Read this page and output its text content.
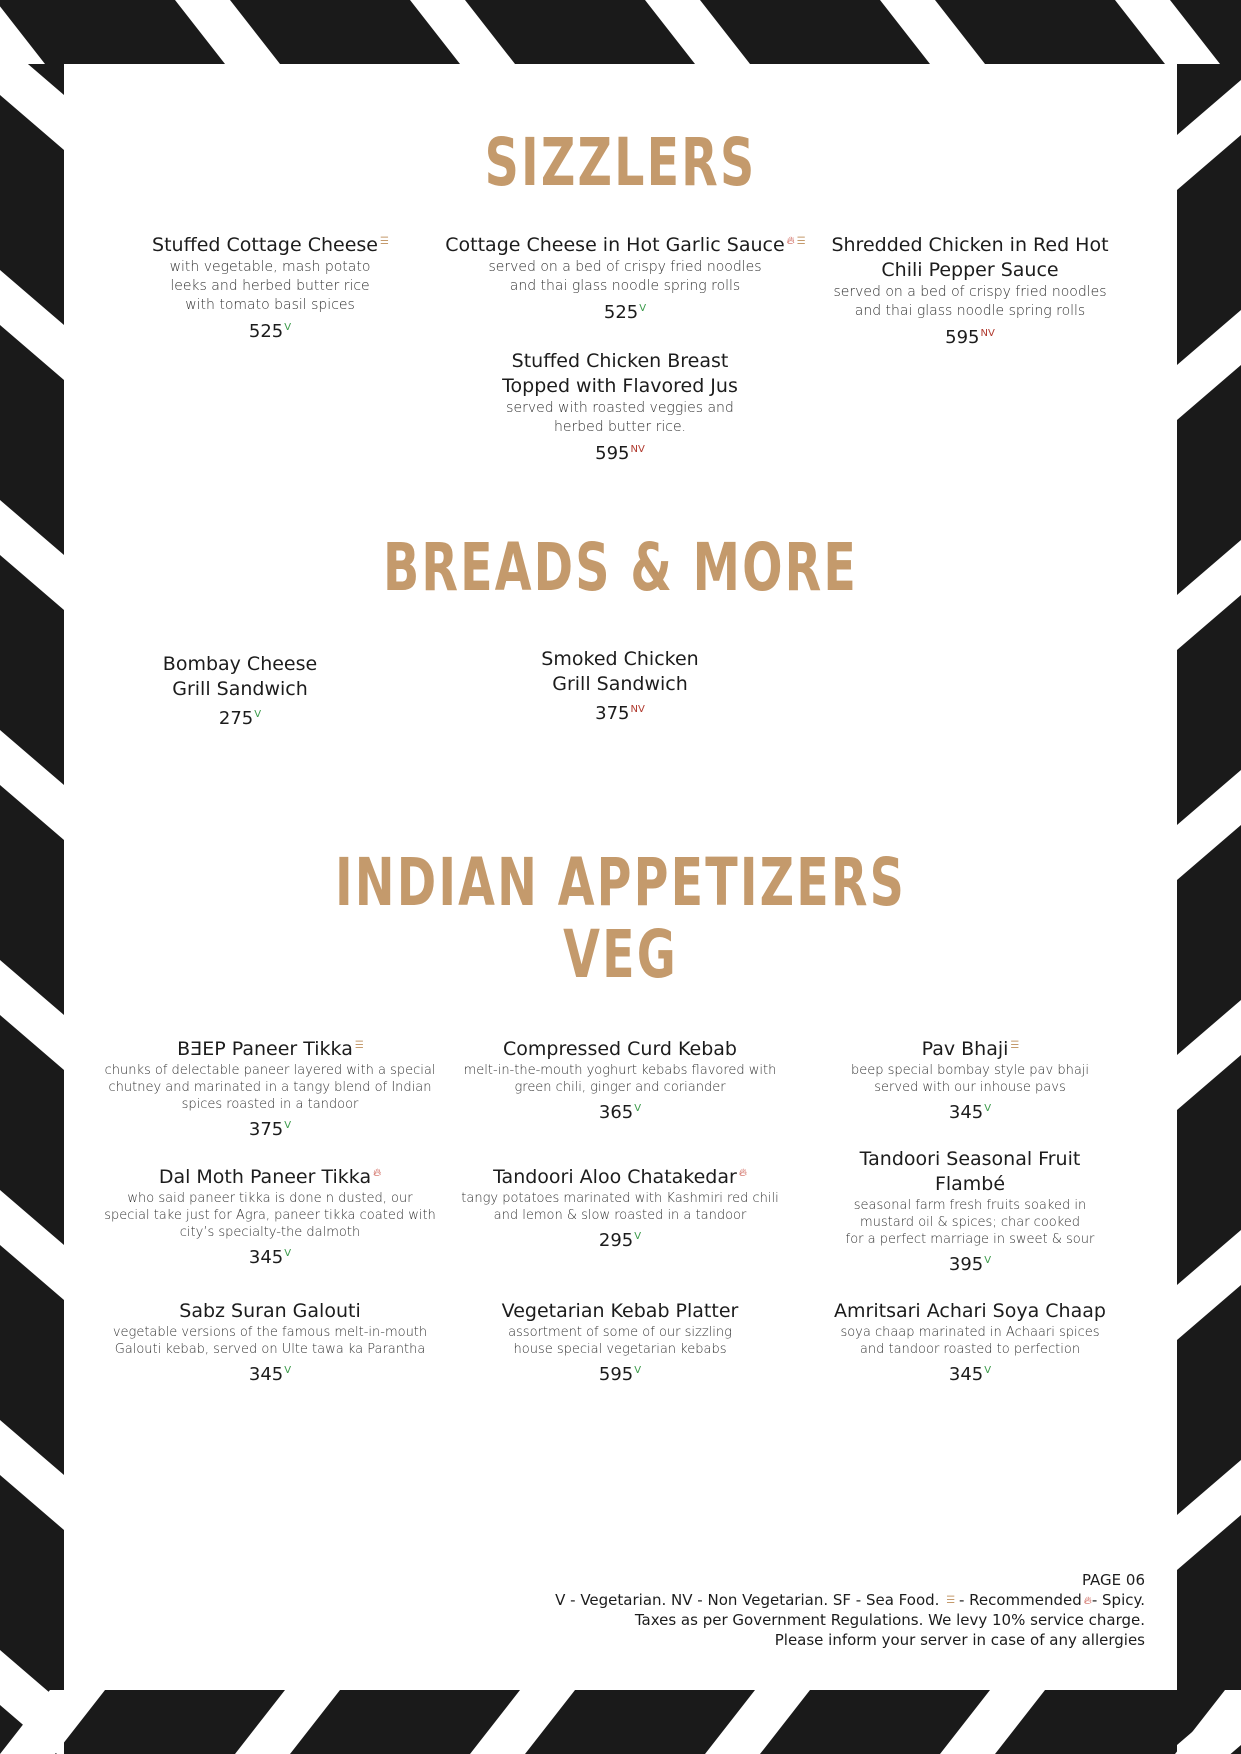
SIZZLERS
BREADS & MORE
INDIAN APPETIZERS
VEG
Stuffed Cottage Cheese ☰
with vegetable, mash potato
leeks and herbed butter rice
with tomato basil spices
$525^V$
Cottage Cheese in Hot Garlic Sauce 🔥︎ ☰
served on a bed of crispy fried noodles
and thai glass noodle spring rolls
$525^V$
Shredded Chicken in Red Hot
Chili Pepper Sauce
served on a bed of crispy fried noodles
and thai glass noodle spring rolls
$595^{NV}$
Stuffed Chicken Breast
Topped with Flavored Jus
served with roasted veggies and
herbed butter rice.
$595^{NV}$
Bombay Cheese
Grill Sandwich
$275^V$
Smoked Chicken
Grill Sandwich
$375^{NV}$
BƎEP Paneer Tikka ☰
chunks of delectable paneer layered with a special
chutney and marinated in a tangy blend of Indian
spices roasted in a tandoor
$375^V$
Compressed Curd Kebab
melt-in-the-mouth yoghurt kebabs flavored with
green chili, ginger and coriander
$365^V$
Pav Bhaji ☰
beep special bombay style pav bhaji
served with our inhouse pavs
$345^V$
Dal Moth Paneer Tikka 🔥︎
who said paneer tikka is done n dusted, our
special take just for Agra, paneer tikka coated with
city’s specialty-the dalmoth
$345^V$
Tandoori Aloo Chatakedar 🔥︎
tangy potatoes marinated with Kashmiri red chili
and lemon & slow roasted in a tandoor
$295^V$
Tandoori Seasonal Fruit
Flambé
seasonal farm fresh fruits soaked in
mustard oil & spices; char cooked
for a perfect marriage in sweet & sour
$395^V$
Sabz Suran Galouti
vegetable versions of the famous melt-in-mouth
Galouti kebab, served on Ulte tawa ka Parantha
$345^V$
Vegetarian Kebab Platter
assortment of some of our sizzling
house special vegetarian kebabs
$595^V$
Amritsari Achari Soya Chaap
soya chaap marinated in Achaari spices
and tandoor roasted to perfection
$345^V$
PAGE 06
V - Vegetarian. NV - Non Vegetarian. SF - Sea Food. ☰ - Recommended 🔥︎- Spicy.
Taxes as per Government Regulations. We levy 10% service charge.
Please inform your server in case of any allergies
